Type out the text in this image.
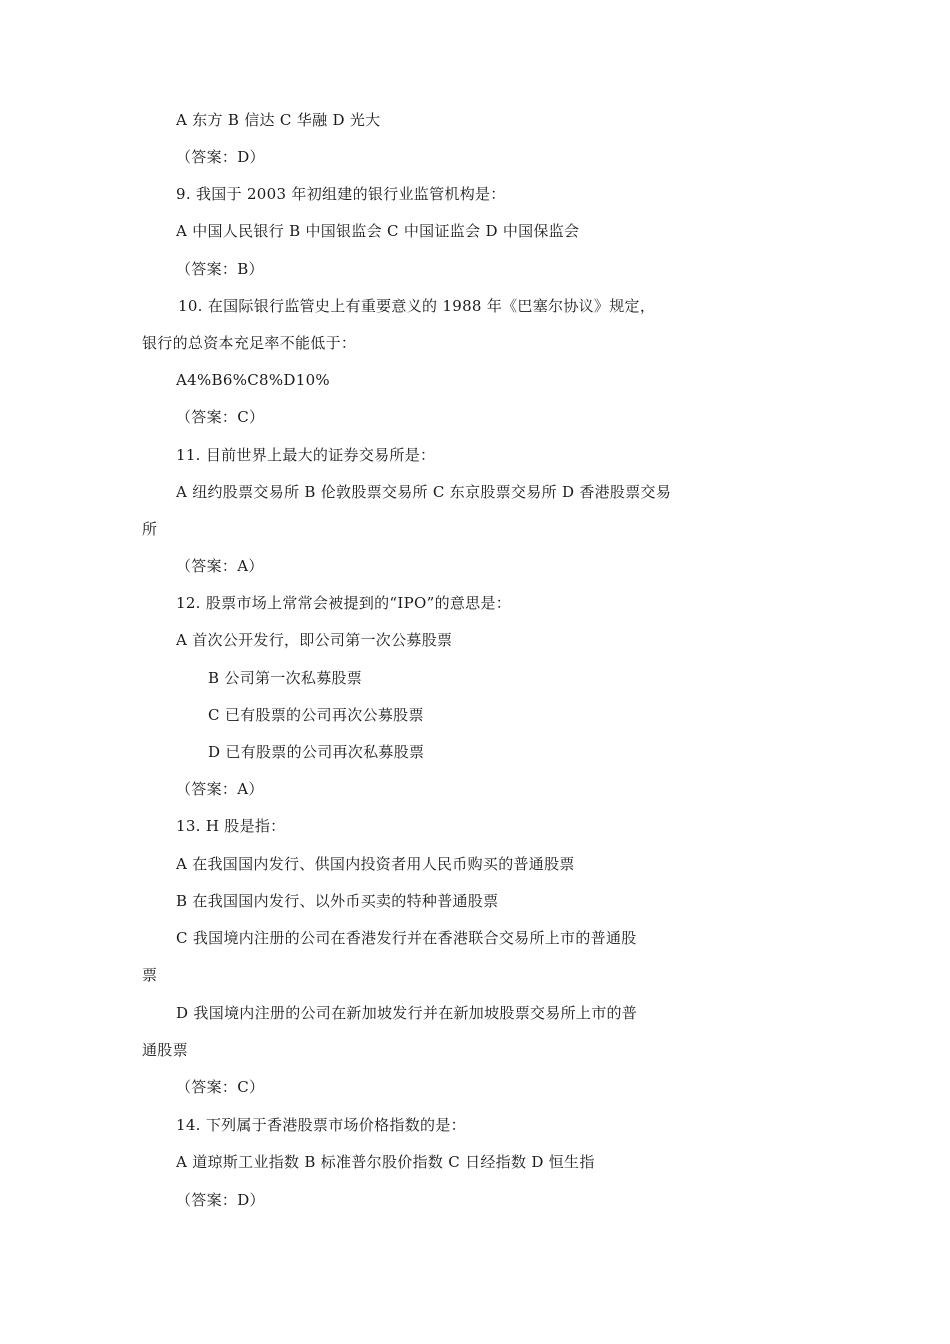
A 东方 B 信达 C 华融 D 光大
（答案：D）
9. 我国于 2003 年初组建的银行业监管机构是：
A 中国人民银行 B 中国银监会 C 中国证监会 D 中国保监会
（答案：B）
10. 在国际银行监管史上有重要意义的 1988 年《巴塞尔协议》规定，
银行的总资本充足率不能低于：
A4%B6%C8%D10%
（答案：C）
11. 目前世界上最大的证券交易所是：
A 纽约股票交易所 B 伦敦股票交易所 C 东京股票交易所 D 香港股票交易
所
（答案：A）
12. 股票市场上常常会被提到的“IPO”的意思是：
A 首次公开发行，即公司第一次公募股票
B 公司第一次私募股票
C 已有股票的公司再次公募股票
D 已有股票的公司再次私募股票
（答案：A）
13. H 股是指：
A 在我国国内发行、供国内投资者用人民币购买的普通股票
B 在我国国内发行、以外币买卖的特种普通股票
C 我国境内注册的公司在香港发行并在香港联合交易所上市的普通股
票
D 我国境内注册的公司在新加坡发行并在新加坡股票交易所上市的普
通股票
（答案：C）
14. 下列属于香港股票市场价格指数的是：
A 道琼斯工业指数 B 标准普尔股价指数 C 日经指数 D 恒生指
（答案：D）
